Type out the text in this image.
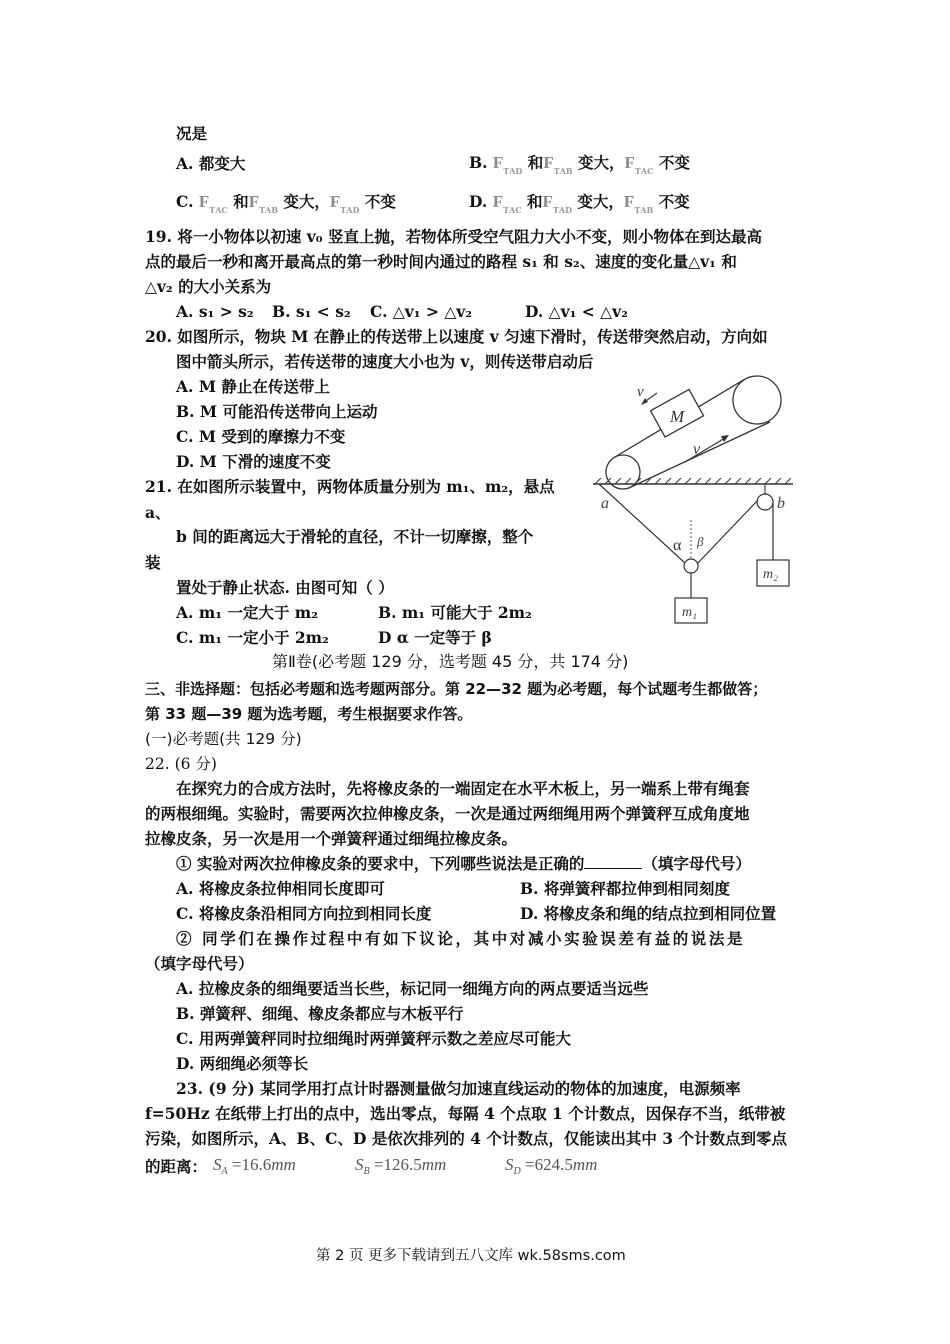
况是
A. 都变大	B. $F_{TAD}$ 和$F_{TAB}$ 变大，$F_{TAC}$ 不变
C. $F_{TAC}$ 和$F_{TAB}$ 变大，$F_{TAD}$ 不变	D. $F_{TAC}$ 和$F_{TAD}$ 变大，$F_{TAB}$ 不变
19. 将一小物体以初速 v₀ 竖直上抛，若物体所受空气阻力大小不变，则小物体在到达最高
点的最后一秒和离开最高点的第一秒时间内通过的路程 s₁ 和 s₂、速度的变化量△v₁ 和
△v₂ 的大小关系为
A. s₁ > s₂ B. s₁ < s₂ C. △v₁ > △v₂	D. △v₁ < △v₂
20. 如图所示，物块 M 在静止的传送带上以速度 v 匀速下滑时，传送带突然启动，方向如
图中箭头所示，若传送带的速度大小也为 v，则传送带启动后
A. M 静止在传送带上
B. M 可能沿传送带向上运动
C. M 受到的摩擦力不变
D. M 下滑的速度不变
21. 在如图所示装置中，两物体质量分别为 m₁、m₂，悬点
a、
b 间的距离远大于滑轮的直径，不计一切摩擦，整个
装
置处于静止状态. 由图可知（ ）
A. m₁ 一定大于 m₂	B. m₁ 可能大于 2m₂
C. m₁ 一定小于 2m₂	D α 一定等于 β
M
v
v
a	b
α β
m₁
m₂
第Ⅱ卷(必考题 129 分，选考题 45 分，共 174 分)
三、非选择题：包括必考题和选考题两部分。第 22—32 题为必考题，每个试题考生都做答；
第 33 题—39 题为选考题，考生根据要求作答。
(一)必考题(共 129 分)
22. (6 分)
在探究力的合成方法时，先将橡皮条的一端固定在水平木板上，另一端系上带有绳套
的两根细绳。实验时，需要两次拉伸橡皮条，一次是通过两细绳用两个弹簧秤互成角度地
拉橡皮条，另一次是用一个弹簧秤通过细绳拉橡皮条。
① 实验对两次拉伸橡皮条的要求中，下列哪些说法是正确的	（填字母代号）
A. 将橡皮条拉伸相同长度即可	B. 将弹簧秤都拉伸到相同刻度
C. 将橡皮条沿相同方向拉到相同长度	D. 将橡皮条和绳的结点拉到相同位置
② 同学们在操作过程中有如下议论，其中对减小实验误差有益的说法是
（填字母代号）
A. 拉橡皮条的细绳要适当长些，标记同一细绳方向的两点要适当远些
B. 弹簧秤、细绳、橡皮条都应与木板平行
C. 用两弹簧秤同时拉细绳时两弹簧秤示数之差应尽可能大
D. 两细绳必须等长
23. (9 分) 某同学用打点计时器测量做匀加速直线运动的物体的加速度，电源频率
f=50Hz 在纸带上打出的点中，选出零点，每隔 4 个点取 1 个计数点，因保存不当，纸带被
污染，如图所示，A、B、C、D 是依次排列的 4 个计数点，仅能读出其中 3 个计数点到零点
的距离： $S_A =16.6mm$	$S_B =126.5mm$	$S_D =624.5mm$
第 2 页 更多下载请到五八文库 wk.58sms.com
